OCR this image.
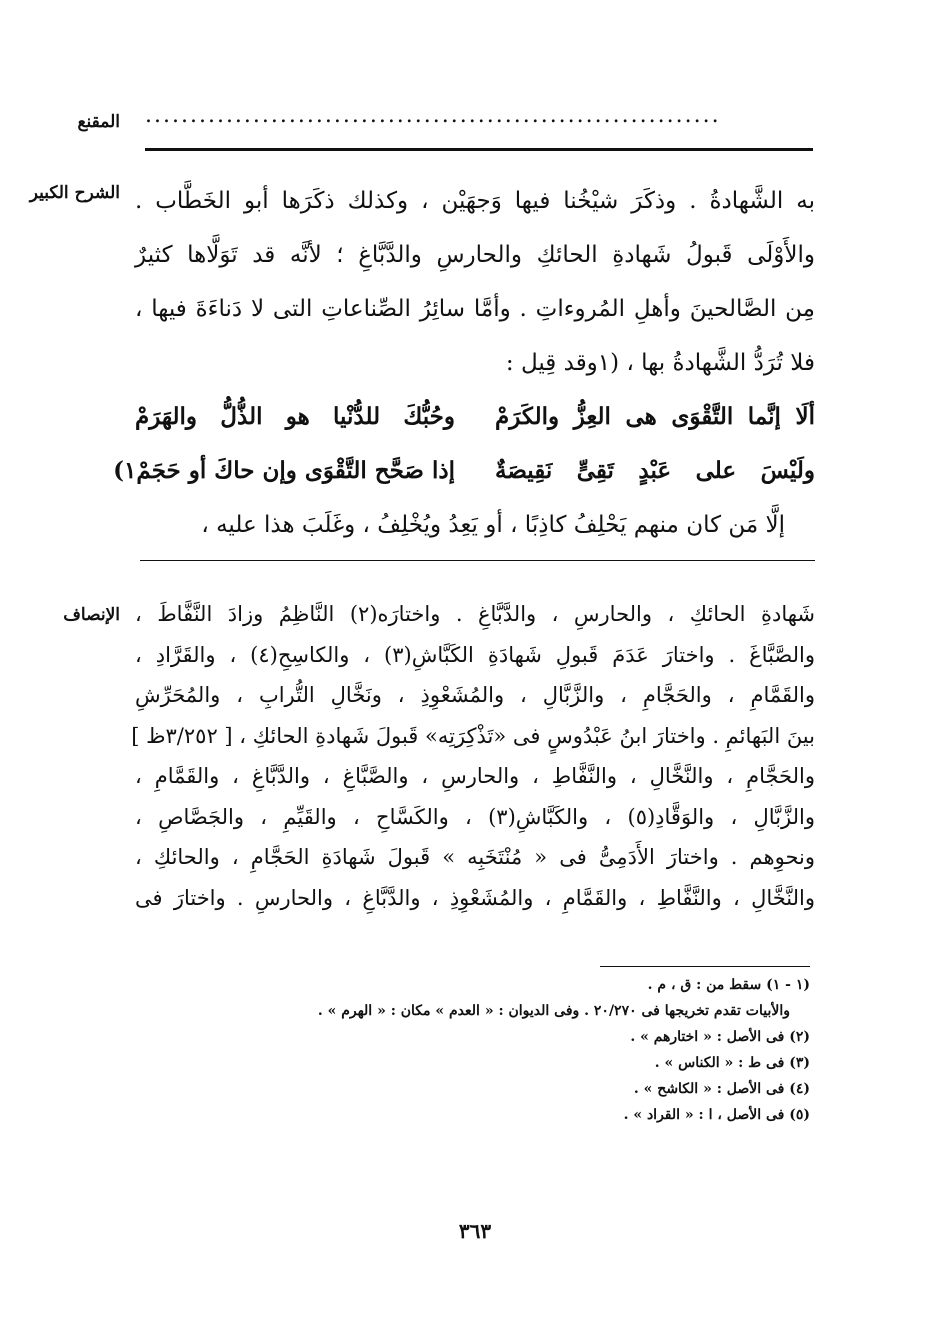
المقنع ................................................................
الشرح الكبير به الشَّهادةُ . وذكَرَ شيْخُنا فيها وَجهَيْن ، وكذلك ذكَرَها أبو الخَطَّاب .
والأَوْلَى قَبولُ شَهادةِ الحائكِ والحارسِ والدَّبَّاغِ ؛ لأنَّه قد تَوَلَّاها كثيرٌ
مِن الصَّالحينَ وأهلِ المُروءاتِ . وأمَّا سائِرُ الصِّناعاتِ التى لا دَناءَةَ فيها ،
فلا تُرَدُّ الشَّهادةُ بها ، (١وقد قِيل :
ألَا إنَّما التَّقْوَى هى العِزُّ والكَرَمْ
وحُبُّكَ للدُّنْيا هو الذُّلُّ والهَرَمْ
ولَيْسَ على عَبْدٍ تَقِىٍّ نَقِيصَةٌ
إذا صَحَّح التَّقْوَى وإن حاكَ أو حَجَمْ١)
إلَّا مَن كان منهم يَحْلِفُ كاذِبًا ، أو يَعِدُ ويُخْلِفُ ، وغَلَبَ هذا عليه ،
الإنصاف شَهادةِ الحائكِ ، والحارسِ ، والدَّبَّاغِ . واختارَه(٢) النَّاظِمُ وزادَ النَّفَّاطَ ،
والصَّبَّاغَ . واختارَ عَدَمَ قَبولِ شَهادَةِ الكَبَّاشِ(٣) ، والكاسِحِ(٤) ، والقَرَّادِ ،
والقَمَّامِ ، والحَجَّامِ ، والزَّبَّالِ ، والمُشَعْوِذِ ، ونَخَّالِ التُّرابِ ، والمُحَرِّشِ
بينَ البَهائمِ . واختارَ ابنُ عَبْدُوسٍ فى «تَذْكِرَتِه» قَبولَ شَهادةِ الحائكِ ، [ ٣/٢٥٢ظ ]
والحَجَّامِ ، والنَّخَّالِ ، والنَّفَّاطِ ، والحارسِ ، والصَّبَّاغِ ، والدَّبَّاغِ ، والقَمَّامِ ،
والزَّبَّالِ ، والوَقَّادِ(٥) ، والكَبَّاشِ(٣) ، والكَسَّاحِ ، والقَيِّمِ ، والجَصَّاصِ ،
ونحوِهم . واختارَ الأَدَمِىُّ فى « مُنْتَخَبِه » قَبولَ شَهادَةِ الحَجَّامِ ، والحائكِ ،
والنَّخَّالِ ، والنَّفَّاطِ ، والقَمَّامِ ، والمُشَعْوِذِ ، والدَّبَّاغِ ، والحارسِ . واختارَ فى
(١ - ١) سقط من : ق ، م .
والأبيات تقدم تخريجها فى ٢٠/٢٧٠ . وفى الديوان : « العدم » مكان : « الهرم » .
(٢) فى الأصل : « اختارهم » .
(٣) فى ط : « الكناس » .
(٤) فى الأصل : « الكاشح » .
(٥) فى الأصل ، ا : « القراد » .
٣٦٣
